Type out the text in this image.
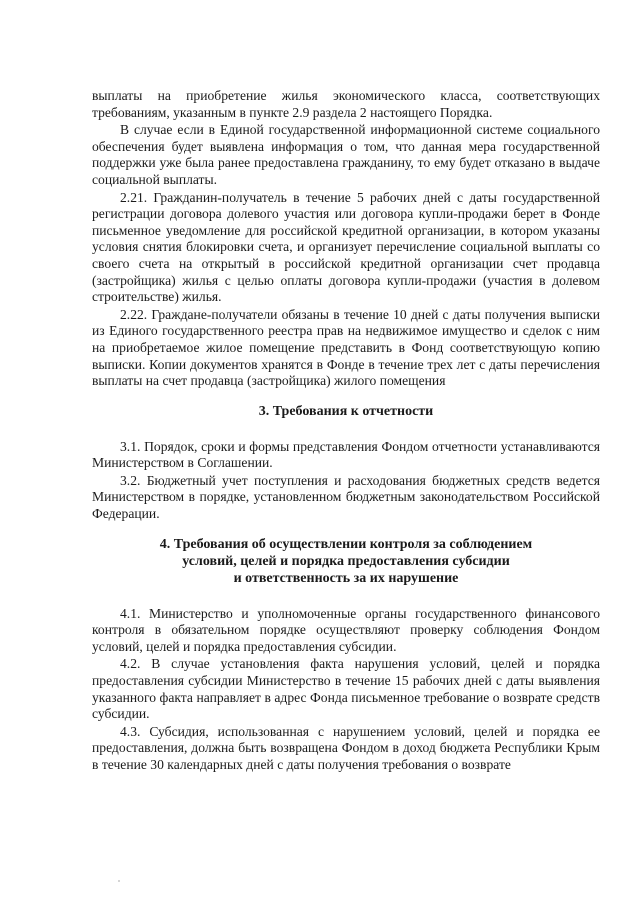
выплаты на приобретение жилья экономического класса, соответствующих требованиям, указанным в пункте 2.9 раздела 2 настоящего Порядка.

В случае если в Единой государственной информационной системе социального обеспечения будет выявлена информация о том, что данная мера государственной поддержки уже была ранее предоставлена гражданину, то ему будет отказано в выдаче социальной выплаты.

2.21. Гражданин-получатель в течение 5 рабочих дней с даты государственной регистрации договора долевого участия или договора купли-продажи берет в Фонде письменное уведомление для российской кредитной организации, в котором указаны условия снятия блокировки счета, и организует перечисление социальной выплаты со своего счета на открытый в российской кредитной организации счет продавца (застройщика) жилья с целью оплаты договора купли-продажи (участия в долевом строительстве) жилья.

2.22. Граждане-получатели обязаны в течение 10 дней с даты получения выписки из Единого государственного реестра прав на недвижимое имущество и сделок с ним на приобретаемое жилое помещение представить в Фонд соответствующую копию выписки. Копии документов хранятся в Фонде в течение трех лет с даты перечисления выплаты на счет продавца (застройщика) жилого помещения

3. Требования к отчетности

3.1. Порядок, сроки и формы представления Фондом отчетности устанавливаются Министерством в Соглашении.

3.2. Бюджетный учет поступления и расходования бюджетных средств ведется Министерством в порядке, установленном бюджетным законодательством Российской Федерации.

4. Требования об осуществлении контроля за соблюдением
условий, целей и порядка предоставления субсидии
и ответственность за их нарушение

4.1. Министерство и уполномоченные органы государственного финансового контроля в обязательном порядке осуществляют проверку соблюдения Фондом условий, целей и порядка предоставления субсидии.

4.2. В случае установления факта нарушения условий, целей и порядка предоставления субсидии Министерство в течение 15 рабочих дней с даты выявления указанного факта направляет в адрес Фонда письменное требование о возврате средств субсидии.

4.3. Субсидия, использованная с нарушением условий, целей и порядка ее предоставления, должна быть возвращена Фондом в доход бюджета Республики Крым в течение 30 календарных дней с даты получения требования о возврате
